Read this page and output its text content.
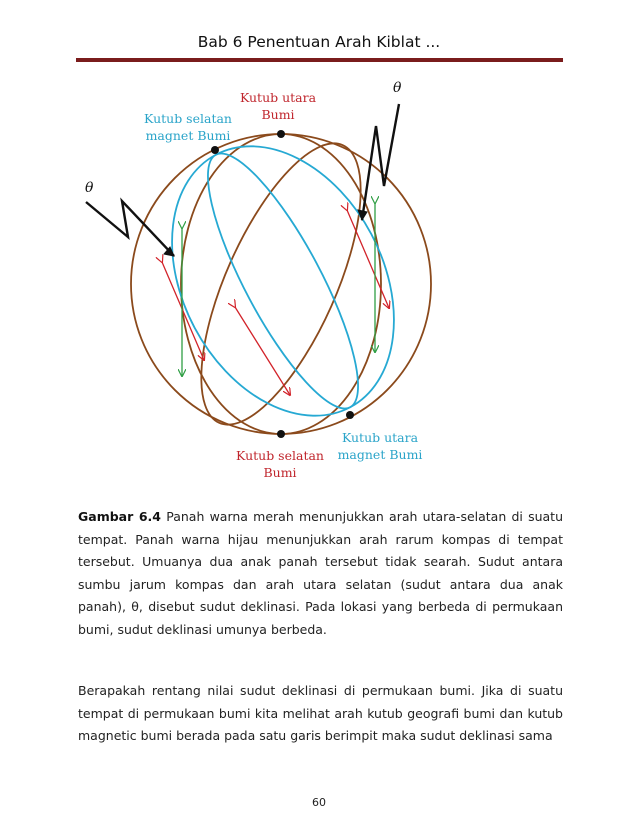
Bab 6 Penentuan Arah Kiblat ...
Kutub utara
Bumi
Kutub selatan
magnet Bumi
Kutub selatan
Bumi
Kutub utara
magnet Bumi
θ
θ
Gambar 6.4 Panah warna merah menunjukkan arah utara-selatan di suatu tempat. Panah warna hijau menunjukkan arah rarum kompas di tempat tersebut. Umuanya dua anak panah tersebut tidak searah. Sudut antara sumbu jarum kompas dan arah utara selatan (sudut antara dua anak panah), θ, disebut sudut deklinasi. Pada lokasi yang berbeda di permukaan bumi, sudut deklinasi umunya berbeda.
Berapakah rentang nilai sudut deklinasi di permukaan bumi. Jika di suatu tempat di permukaan bumi kita melihat arah kutub geografi bumi dan kutub magnetic bumi berada pada satu garis berimpit maka sudut deklinasi sama
60
